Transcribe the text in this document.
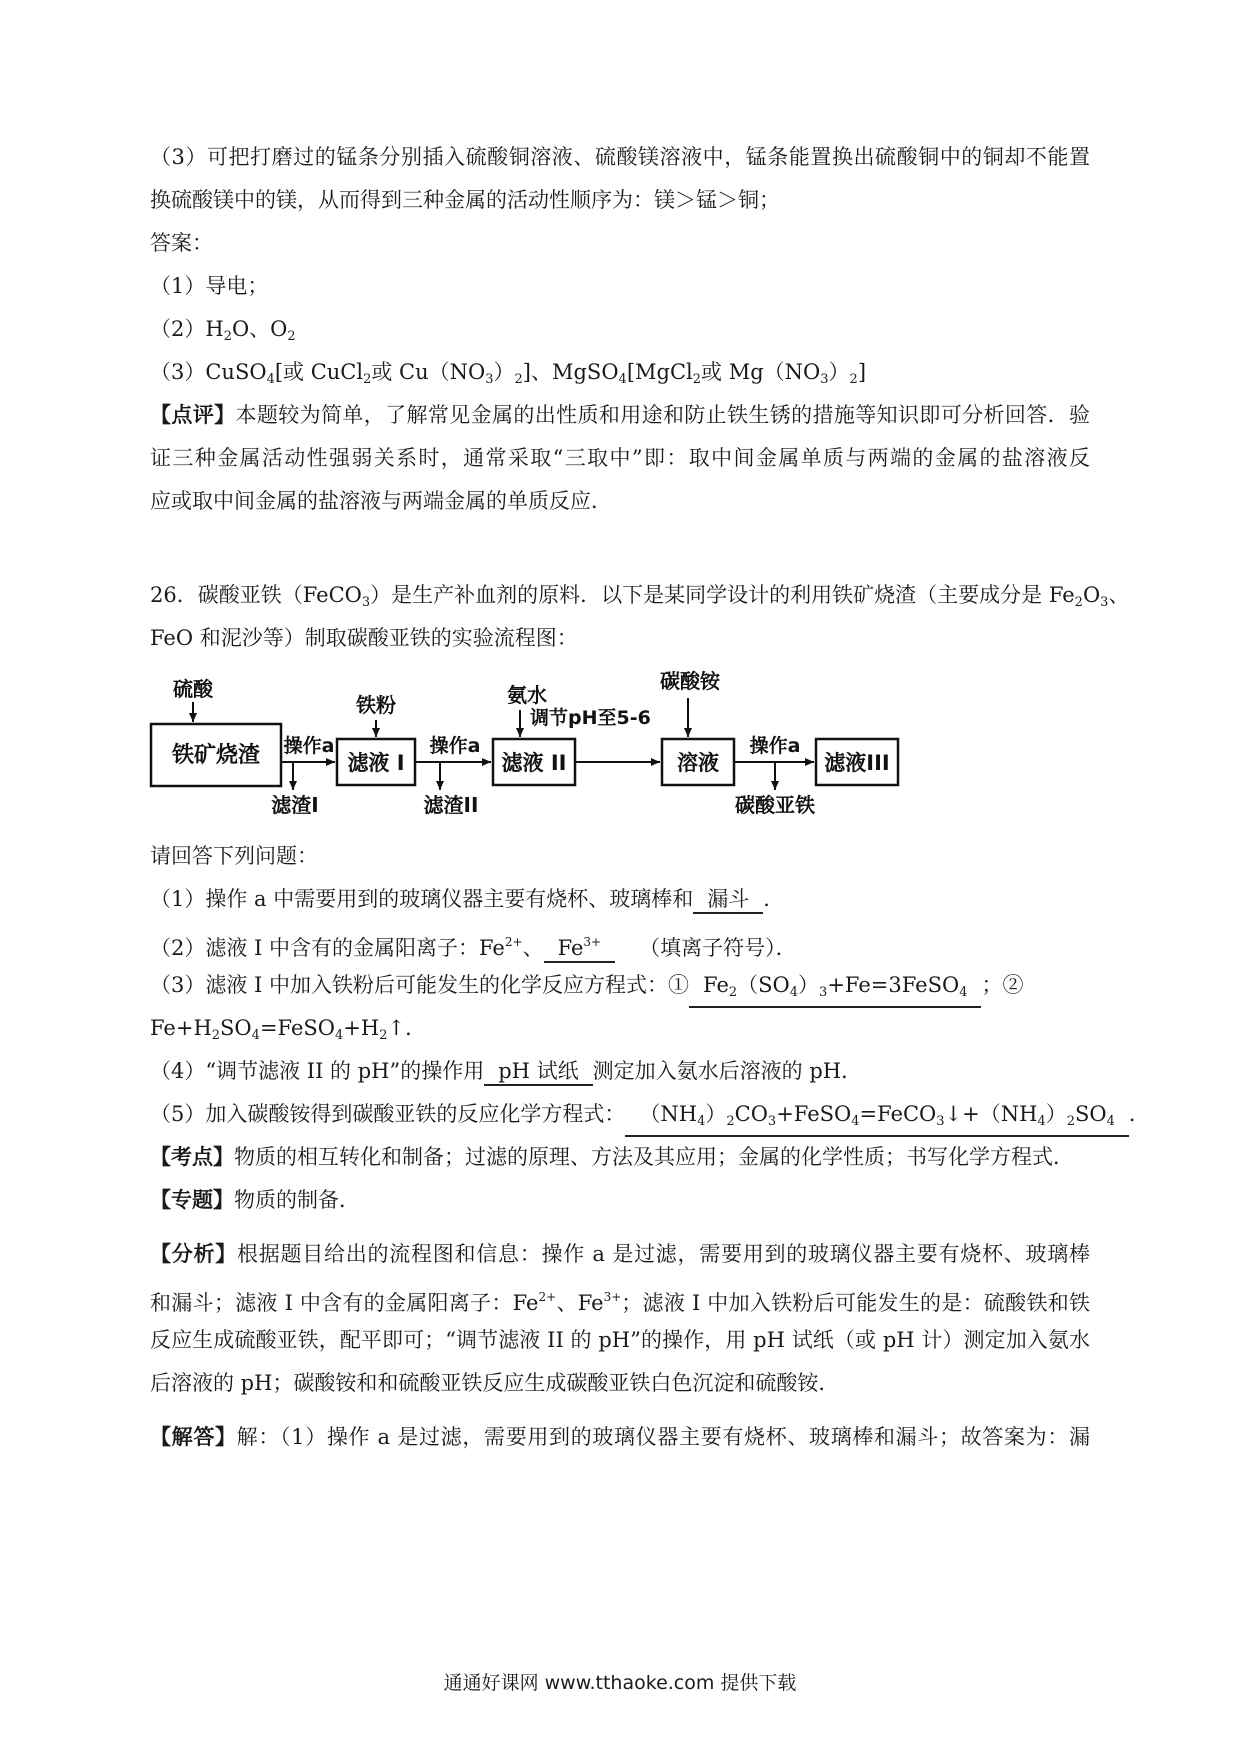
（3）可把打磨过的锰条分别插入硫酸铜溶液、硫酸镁溶液中，锰条能置换出硫酸铜中的铜却不能置
换硫酸镁中的镁，从而得到三种金属的活动性顺序为：镁＞锰＞铜；
答案：
（1）导电；
$(2)H_2O$、$O_2$
（3）CuSO$_4$[或 CuCl$_2$或 $Cu(NO_3)_2$]、MgSO$_4$[MgCl$_2$或 $Mg(NO_3)_2$]
【点评】本题较为简单，了解常见金属的出性质和用途和防止铁生锈的措施等知识即可分析回答．验
证三种金属活动性强弱关系时，通常采取“三取中”即：取中间金属单质与两端的金属的盐溶液反
应或取中间金属的盐溶液与两端金属的单质反应．
26．碳酸亚铁（FeCO$_3$）是生产补血剂的原料．以下是某同学设计的利用铁矿烧渣（主要成分是 $Fe_2O_3$、
FeO 和泥沙等）制取碳酸亚铁的实验流程图：
铁矿烧渣	滤液 I	滤液 II	溶液	滤液III
硫酸
铁粉	氨水
调节pH至5-6
碳酸铵
操作a	操作a	操作a
滤渣I	滤渣II	碳酸亚铁
请回答下列问题：
（1）操作 a 中需要用到的玻璃仪器主要有烧杯、玻璃棒和 漏斗 ．
（2）滤液 I 中含有的金属阳离子：$Fe^{2+}$、 $Fe^{3+}$ （填离子符号）．
（3）滤液 I 中加入铁粉后可能发生的化学反应方程式：① $Fe_2(SO_4)_3+Fe=3FeSO_4$ ；②
$Fe+H_2SO_4=FeSO_4+H_2↑$．
（4）“调节滤液 II 的 pH”的操作用 pH 试纸 测定加入氨水后溶液的 pH．
（5）加入碳酸铵得到碳酸亚铁的反应化学方程式： $(NH_4)_2CO_3+FeSO_4=FeCO_3↓+(NH_4)_2SO_4$ ．
【考点】物质的相互转化和制备；过滤的原理、方法及其应用；金属的化学性质；书写化学方程式．
【专题】物质的制备．
【分析】根据题目给出的流程图和信息：操作 a 是过滤，需要用到的玻璃仪器主要有烧杯、玻璃棒
和漏斗；滤液 I 中含有的金属阳离子：$Fe^{2+}$、$Fe^{3+}$；滤液 I 中加入铁粉后可能发生的是：硫酸铁和铁
反应生成硫酸亚铁，配平即可；“调节滤液 II 的 pH”的操作，用 pH 试纸（或 pH 计）测定加入氨水
后溶液的 pH；碳酸铵和和硫酸亚铁反应生成碳酸亚铁白色沉淀和硫酸铵．
【解答】解：（1）操作 a 是过滤，需要用到的玻璃仪器主要有烧杯、玻璃棒和漏斗；故答案为：漏
通通好课网 www.tthaoke.com 提供下载
